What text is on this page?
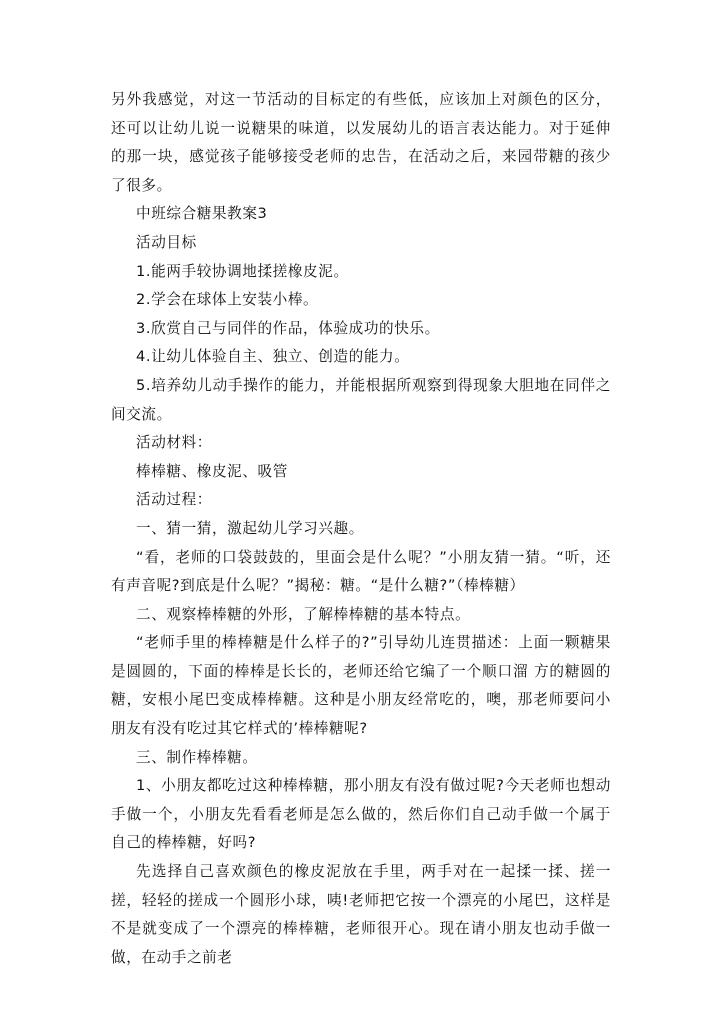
另外我感觉，对这一节活动的目标定的有些低，应该加上对颜色的区分，还可以让幼儿说一说糖果的味道，以发展幼儿的语言表达能力。对于延伸的那一块，感觉孩子能够接受老师的忠告，在活动之后，来园带糖的孩少了很多。

中班综合糖果教案3

活动目标

1.能两手较协调地揉搓橡皮泥。

2.学会在球体上安装小棒。

3.欣赏自己与同伴的作品，体验成功的快乐。

4.让幼儿体验自主、独立、创造的能力。

5.培养幼儿动手操作的能力，并能根据所观察到得现象大胆地在同伴之间交流。

活动材料：

棒棒糖、橡皮泥、吸管

活动过程：

一、猜一猜，激起幼儿学习兴趣。

“看，老师的口袋鼓鼓的，里面会是什么呢？”小朋友猜一猜。“听，还有声音呢?到底是什么呢？”揭秘：糖。“是什么糖?”（棒棒糖）

二、观察棒棒糖的外形，了解棒棒糖的基本特点。

“老师手里的棒棒糖是什么样子的?”引导幼儿连贯描述：上面一颗糖果是圆圆的，下面的棒棒是长长的，老师还给它编了一个顺口溜 方的糖圆的糖，安根小尾巴变成棒棒糖。这种是小朋友经常吃的，噢，那老师要问小朋友有没有吃过其它样式的’棒棒糖呢?

三、制作棒棒糖。

1、小朋友都吃过这种棒棒糖，那小朋友有没有做过呢?今天老师也想动手做一个，小朋友先看看老师是怎么做的，然后你们自己动手做一个属于自己的棒棒糖，好吗?

先选择自己喜欢颜色的橡皮泥放在手里，两手对在一起揉一揉、搓一搓，轻轻的搓成一个圆形小球，咦!老师把它按一个漂亮的小尾巴，这样是不是就变成了一个漂亮的棒棒糖，老师很开心。现在请小朋友也动手做一做，在动手之前老
